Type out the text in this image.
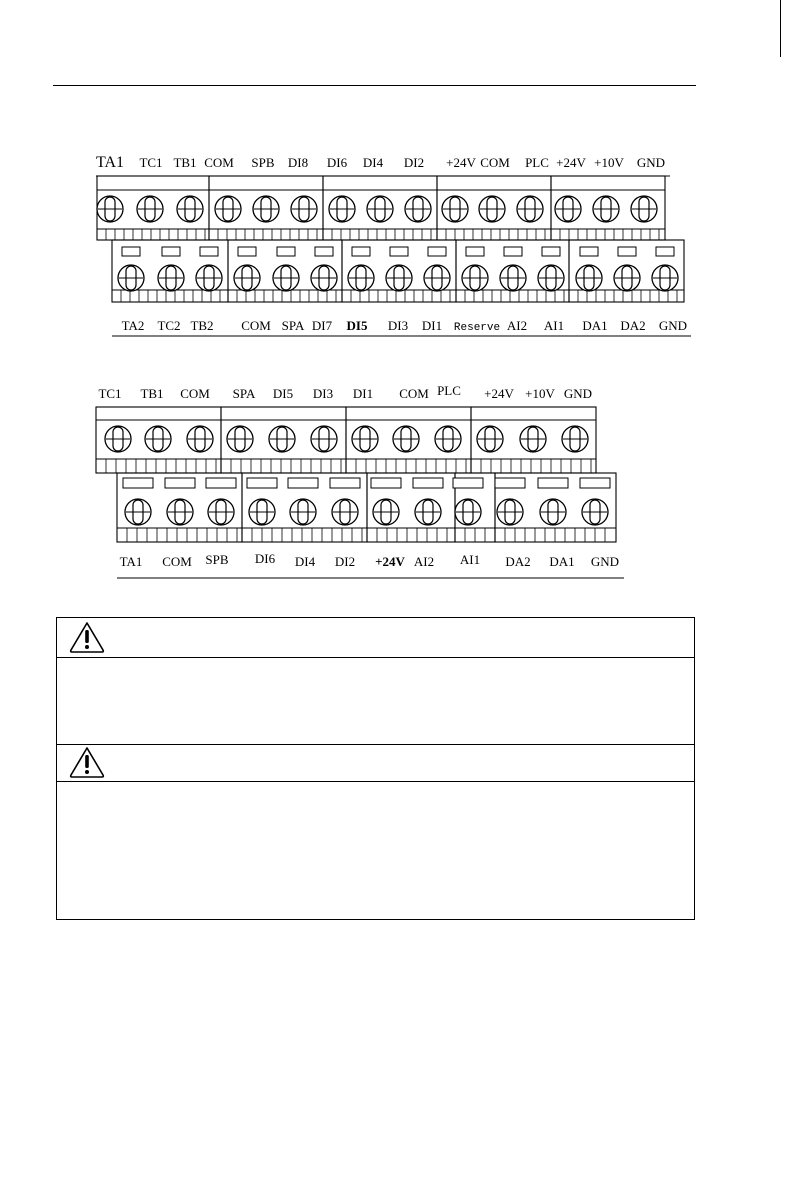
TA1 TC1 TB1 COM SPB DI8 DI6 DI4 DI2 +24V COM PLC +24V +10V GND
TA2 TC2 TB2 COM SPA DI7 DI5 DI3 DI1 Reserve AI2 AI1 DA1 DA2 GND
TC1 TB1 COM SPA DI5 DI3 DI1 COM PLC +24V +10V GND
TA1 COM SPB DI6 DI4 DI2 +24V AI2 AI1 DA2 DA1 GND
